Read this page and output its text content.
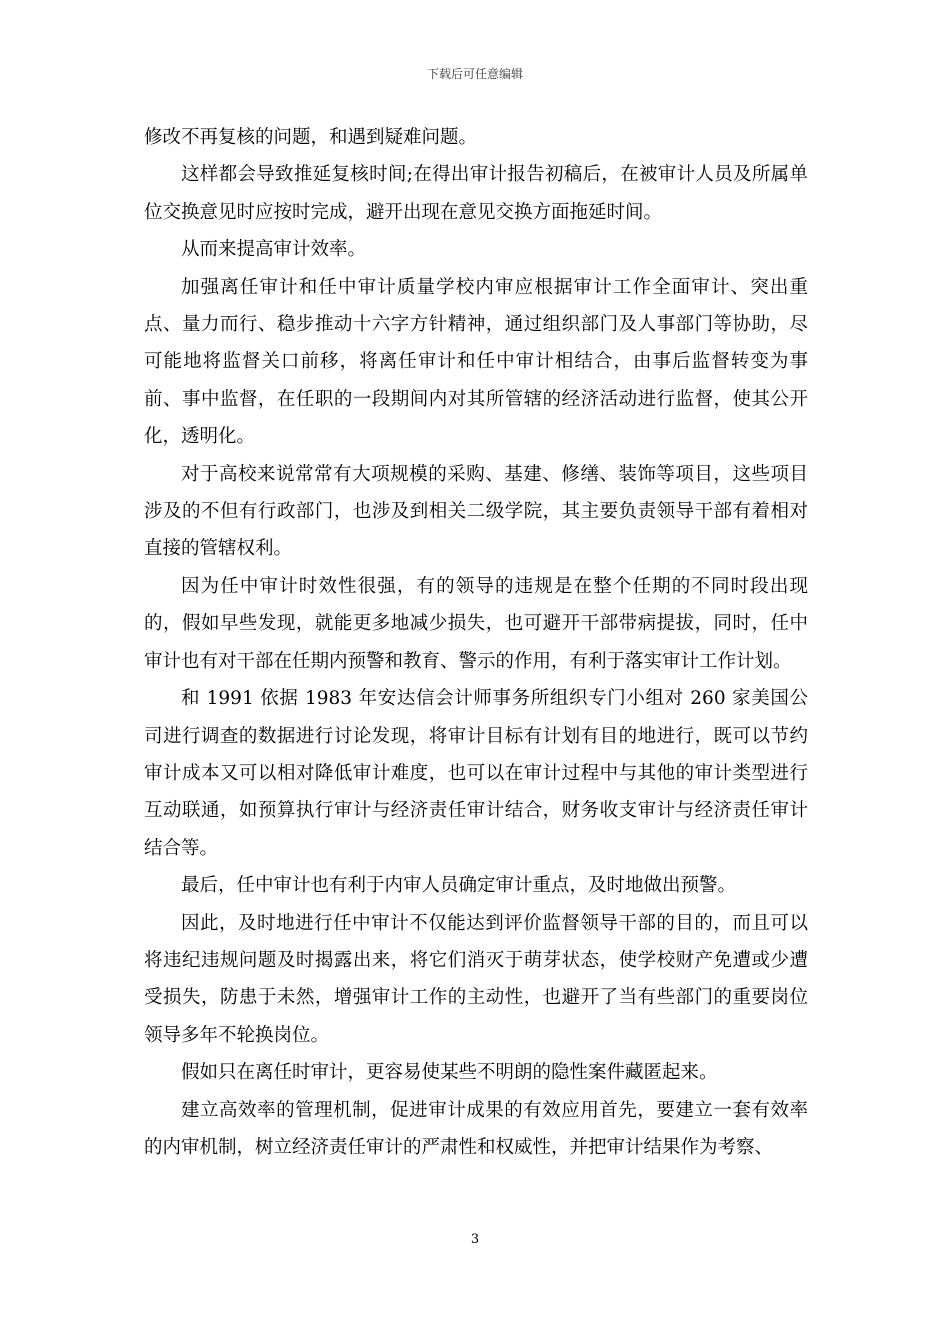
下载后可任意编辑

修改不再复核的问题，和遇到疑难问题。

这样都会导致推延复核时间;在得出审计报告初稿后，在被审计人员及所属单位交换意见时应按时完成，避开出现在意见交换方面拖延时间。

从而来提高审计效率。

加强离任审计和任中审计质量学校内审应根据审计工作全面审计、突出重点、量力而行、稳步推动十六字方针精神，通过组织部门及人事部门等协助，尽可能地将监督关口前移，将离任审计和任中审计相结合，由事后监督转变为事前、事中监督，在任职的一段期间内对其所管辖的经济活动进行监督，使其公开化，透明化。

对于高校来说常常有大项规模的采购、基建、修缮、装饰等项目，这些项目涉及的不但有行政部门，也涉及到相关二级学院，其主要负责领导干部有着相对直接的管辖权利。

因为任中审计时效性很强，有的领导的违规是在整个任期的不同时段出现的，假如早些发现，就能更多地减少损失，也可避开干部带病提拔，同时，任中审计也有对干部在任期内预警和教育、警示的作用，有利于落实审计工作计划。

和 1991 依据 1983 年安达信会计师事务所组织专门小组对 260 家美国公司进行调查的数据进行讨论发现，将审计目标有计划有目的地进行，既可以节约审计成本又可以相对降低审计难度，也可以在审计过程中与其他的审计类型进行互动联通，如预算执行审计与经济责任审计结合，财务收支审计与经济责任审计结合等。

最后，任中审计也有利于内审人员确定审计重点，及时地做出预警。

因此，及时地进行任中审计不仅能达到评价监督领导干部的目的，而且可以将违纪违规问题及时揭露出来，将它们消灭于萌芽状态，使学校财产免遭或少遭受损失，防患于未然，增强审计工作的主动性，也避开了当有些部门的重要岗位领导多年不轮换岗位。

假如只在离任时审计，更容易使某些不明朗的隐性案件藏匿起来。

建立高效率的管理机制，促进审计成果的有效应用首先，要建立一套有效率的内审机制，树立经济责任审计的严肃性和权威性，并把审计结果作为考察、

3
